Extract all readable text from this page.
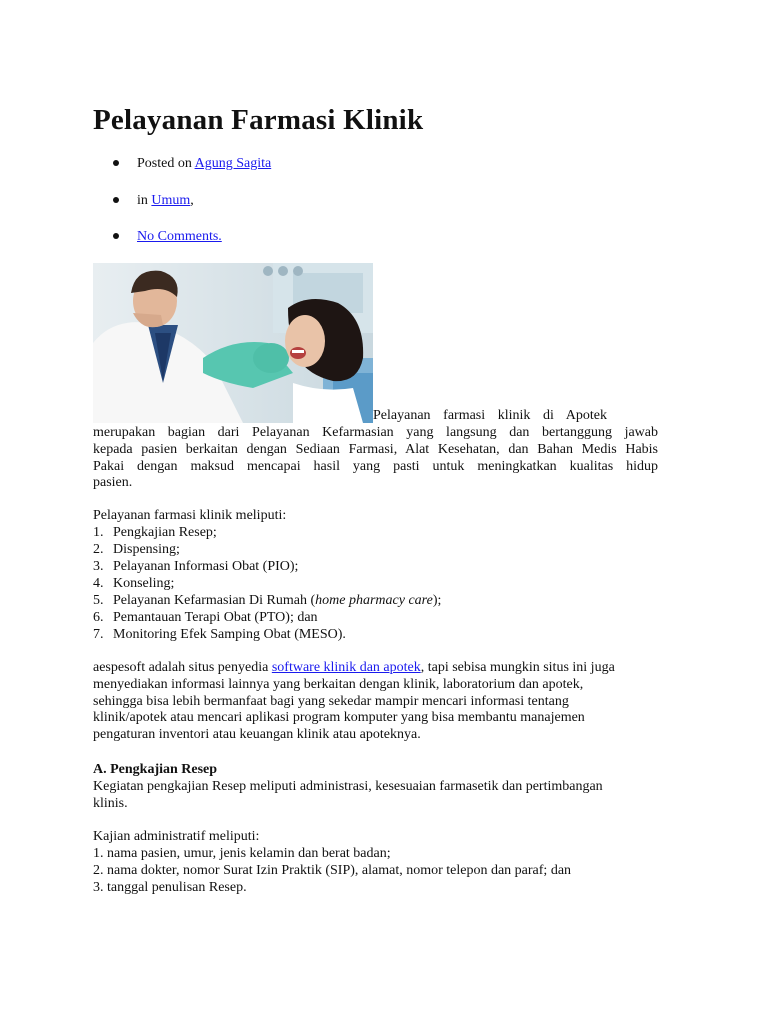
Pelayanan Farmasi Klinik
Posted on Agung Sagita
in Umum,
No Comments.
Pelayanan farmasi klinik di Apotek
merupakan bagian dari Pelayanan Kefarmasian yang langsung dan bertanggung jawab
kepada pasien berkaitan dengan Sediaan Farmasi, Alat Kesehatan, dan Bahan Medis Habis
Pakai dengan maksud mencapai hasil yang pasti untuk meningkatkan kualitas hidup
pasien.
Pelayanan farmasi klinik meliputi:
1. Pengkajian Resep;
2. Dispensing;
3. Pelayanan Informasi Obat (PIO);
4. Konseling;
5. Pelayanan Kefarmasian Di Rumah (home pharmacy care);
6. Pemantauan Terapi Obat (PTO); dan
7. Monitoring Efek Samping Obat (MESO).
aespesoft adalah situs penyedia software klinik dan apotek, tapi sebisa mungkin situs ini juga
menyediakan informasi lainnya yang berkaitan dengan klinik, laboratorium dan apotek,
sehingga bisa lebih bermanfaat bagi yang sekedar mampir mencari informasi tentang
klinik/apotek atau mencari aplikasi program komputer yang bisa membantu manajemen
pengaturan inventori atau keuangan klinik atau apoteknya.
A. Pengkajian Resep
Kegiatan pengkajian Resep meliputi administrasi, kesesuaian farmasetik dan pertimbangan
klinis.
Kajian administratif meliputi:
1. nama pasien, umur, jenis kelamin dan berat badan;
2. nama dokter, nomor Surat Izin Praktik (SIP), alamat, nomor telepon dan paraf; dan
3. tanggal penulisan Resep.
